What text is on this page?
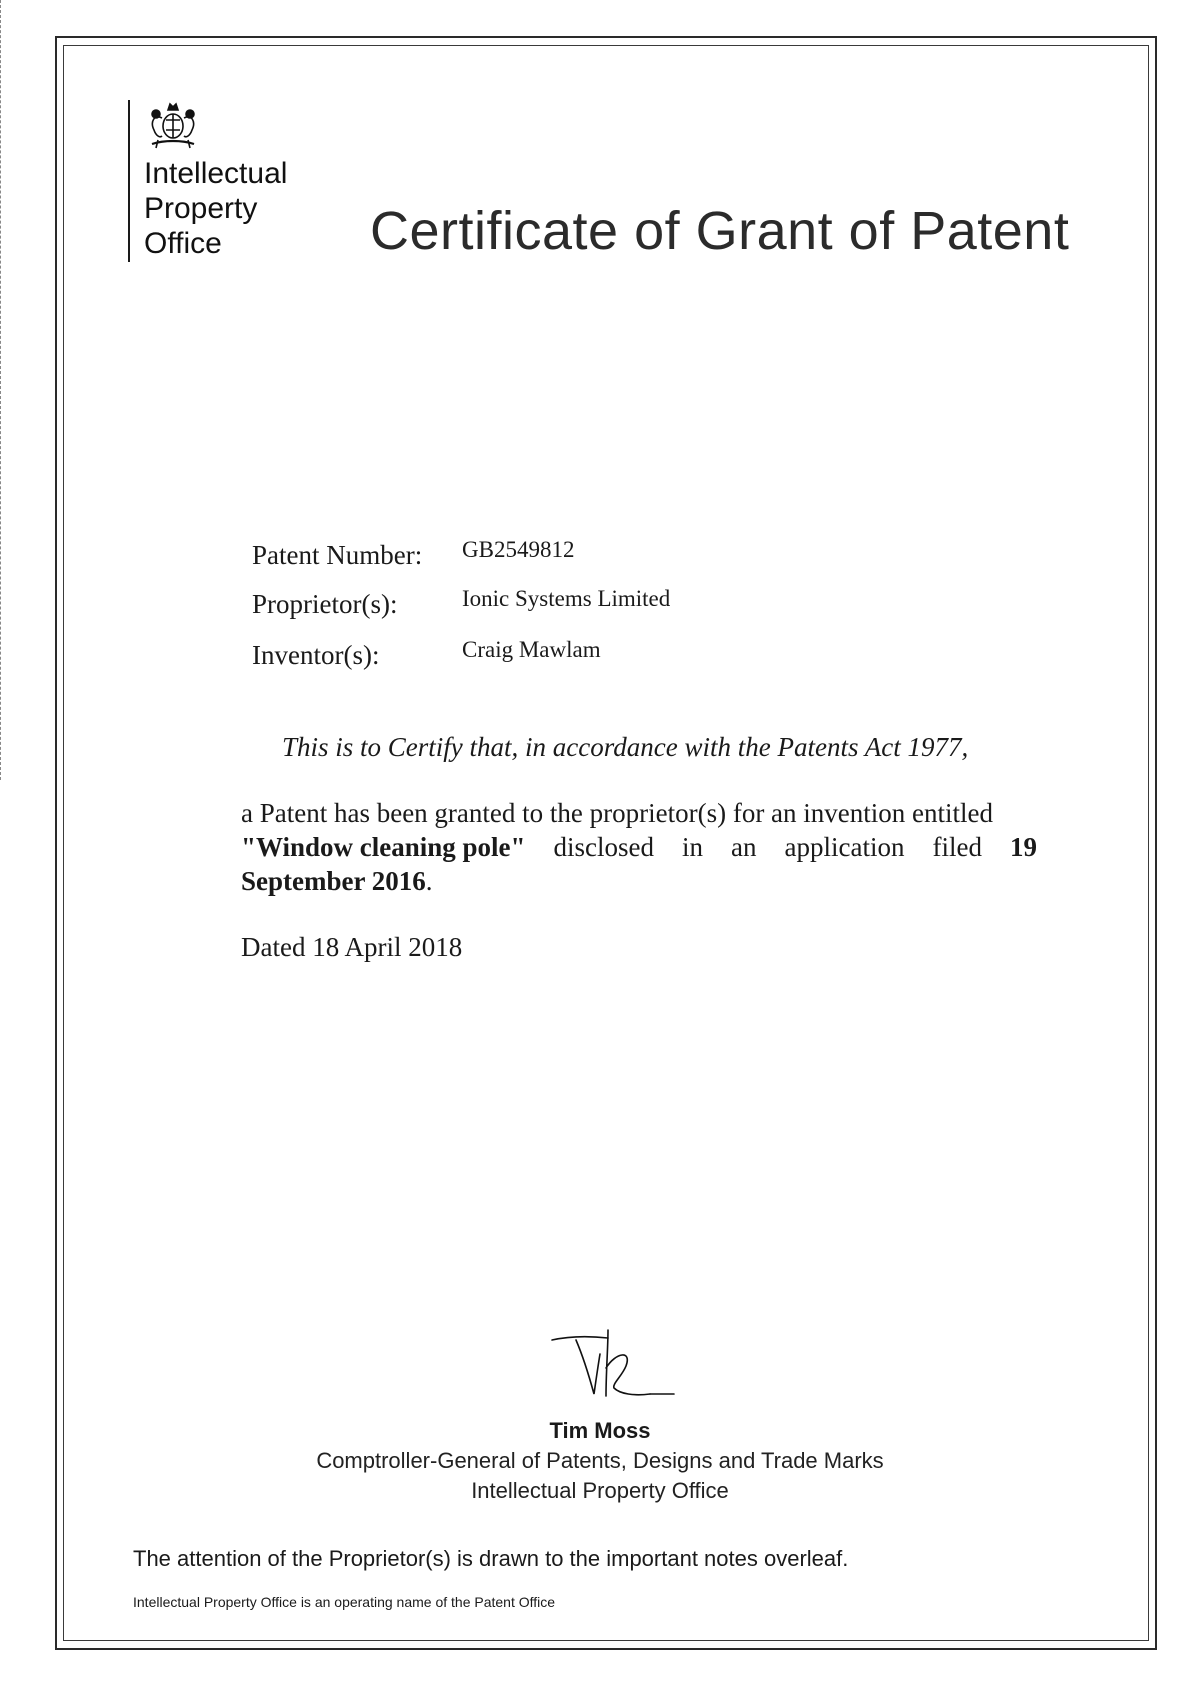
Intellectual
Property
Office	Certificate of Grant of Patent
Patent Number: GB2549812
Proprietor(s):	Ionic Systems Limited
Inventor(s):	Craig Mawlam
This is to Certify that, in accordance with the Patents Act 1977,
a Patent has been granted to the proprietor(s) for an invention entitled
"Window cleaning pole" disclosed in an application filed 19
September 2016 .
Dated 18 April 2018
Tim Moss
Comptroller-General of Patents, Designs and Trade Marks
Intellectual Property Office
The attention of the Proprietor(s) is drawn to the important notes overleaf.
Intellectual Property Office is an operating name of the Patent Office
